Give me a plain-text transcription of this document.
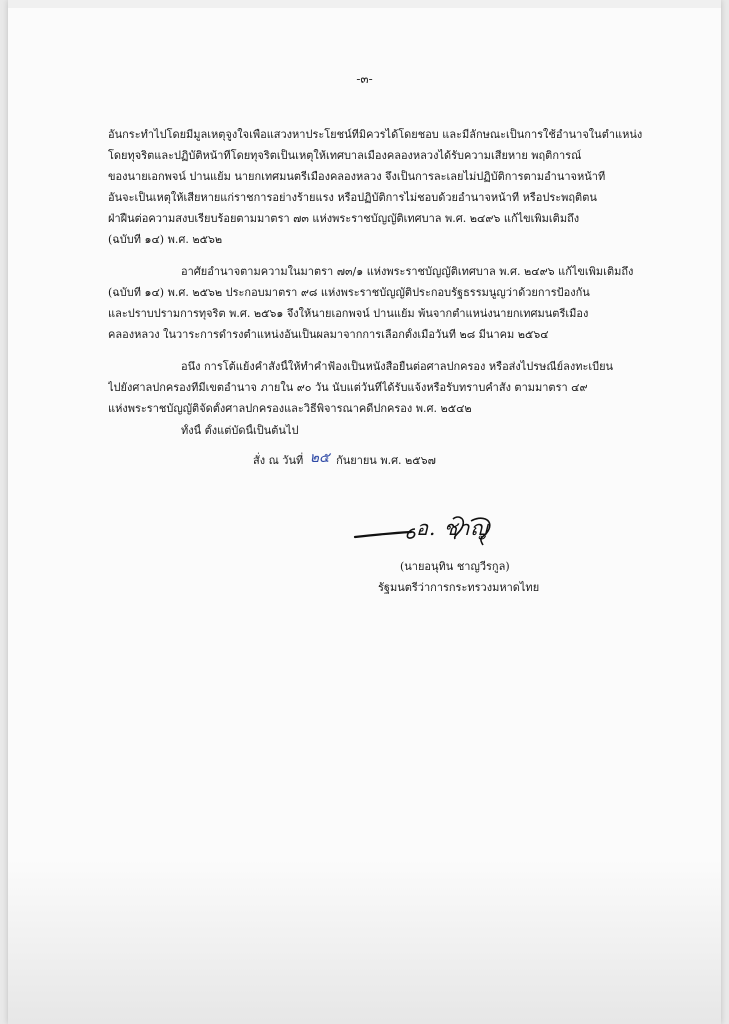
-๓-
อันกระทำไปโดยมีมูลเหตุจูงใจเพื่อแสวงหาประโยชน์ที่มิควรได้โดยชอบ และมีลักษณะเป็นการใช้อำนาจในตำแหน่ง
โดยทุจริตและปฏิบัติหน้าที่โดยทุจริตเป็นเหตุให้เทศบาลเมืองคลองหลวงได้รับความเสียหาย พฤติการณ์
ของนายเอกพจน์ ปานแย้ม นายกเทศมนตรีเมืองคลองหลวง จึงเป็นการละเลยไม่ปฏิบัติการตามอำนาจหน้าที่
อันจะเป็นเหตุให้เสียหายแก่ราชการอย่างร้ายแรง หรือปฏิบัติการไม่ชอบด้วยอำนาจหน้าที่ หรือประพฤติตน
ฝ่าฝืนต่อความสงบเรียบร้อยตามมาตรา ๗๓ แห่งพระราชบัญญัติเทศบาล พ.ศ. ๒๔๙๖ แก้ไขเพิ่มเติมถึง
(ฉบับที่ ๑๔) พ.ศ. ๒๕๖๒
อาศัยอำนาจตามความในมาตรา ๗๓/๑ แห่งพระราชบัญญัติเทศบาล พ.ศ. ๒๔๙๖ แก้ไขเพิ่มเติมถึง
(ฉบับที่ ๑๔) พ.ศ. ๒๕๖๒ ประกอบมาตรา ๙๘ แห่งพระราชบัญญัติประกอบรัฐธรรมนูญว่าด้วยการป้องกัน
และปราบปรามการทุจริต พ.ศ. ๒๕๖๑ จึงให้นายเอกพจน์ ปานแย้ม พ้นจากตำแหน่งนายกเทศมนตรีเมือง
คลองหลวง ในวาระการดำรงตำแหน่งอันเป็นผลมาจากการเลือกตั้งเมื่อวันที่ ๒๘ มีนาคม ๒๕๖๔
อนึ่ง การโต้แย้งคำสั่งนี้ให้ทำคำฟ้องเป็นหนังสือยื่นต่อศาลปกครอง หรือส่งไปรษณีย์ลงทะเบียน
ไปยังศาลปกครองที่มีเขตอำนาจ ภายใน ๙๐ วัน นับแต่วันที่ได้รับแจ้งหรือรับทราบคำสั่ง ตามมาตรา ๔๙
แห่งพระราชบัญญัติจัดตั้งศาลปกครองและวิธีพิจารณาคดีปกครอง พ.ศ. ๒๕๔๒
ทั้งนี้ ตั้งแต่บัดนี้เป็นต้นไป
สั่ง ณ วันที่ ๒๕ กันยายน พ.ศ. ๒๕๖๗
อ. ชาญ
(นายอนุทิน ชาญวีรกูล)
รัฐมนตรีว่าการกระทรวงมหาดไทย
